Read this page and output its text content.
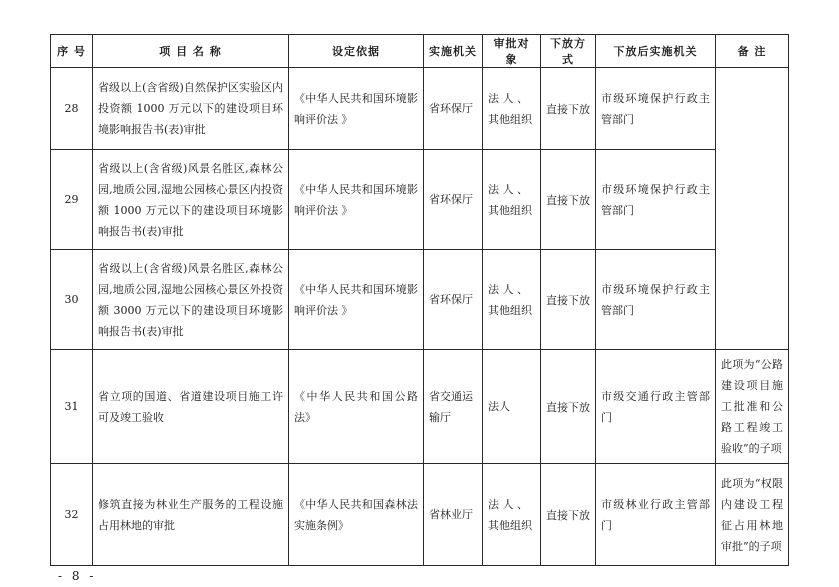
序 号	项 目 名 称	设定依据	实施机关	审批对象	下放方式	下放后实施机关	备 注
28	省级以上(含省级)自然保护区实验区内投资额 1000 万元以下的建设项目环境影响报告书(表)审批	《中华人民共和国环境影响评价法 》	省环保厅	法 人 、其他组织	直接下放	市级环境保护行政主管部门	
29	省级以上(含省级)风景名胜区,森林公园,地质公园,湿地公园核心景区内投资额 1000 万元以下的建设项目环境影响报告书(表)审批	《中华人民共和国环境影响评价法 》	省环保厅	法 人 、其他组织	直接下放	市级环境保护行政主管部门	
30	省级以上(含省级)风景名胜区,森林公园,地质公园,湿地公园核心景区外投资额 3000 万元以下的建设项目环境影响报告书(表)审批	《中华人民共和国环境影响评价法 》	省环保厅	法 人 、其他组织	直接下放	市级环境保护行政主管部门	
31	省立项的国道、省道建设项目施工许可及竣工验收	《中华人民共和国公路法》	省交通运输厅	法人	直接下放	市级交通行政主管部门	此项为“公路建设项目施工批准和公路工程竣工验收”的子项
32	修筑直接为林业生产服务的工程设施占用林地的审批	《中华人民共和国森林法实施条例》	省林业厅	法 人 、其他组织	直接下放	市级林业行政主管部门	此项为“权限内建设工程征占用林地审批”的子项
- 8 -
